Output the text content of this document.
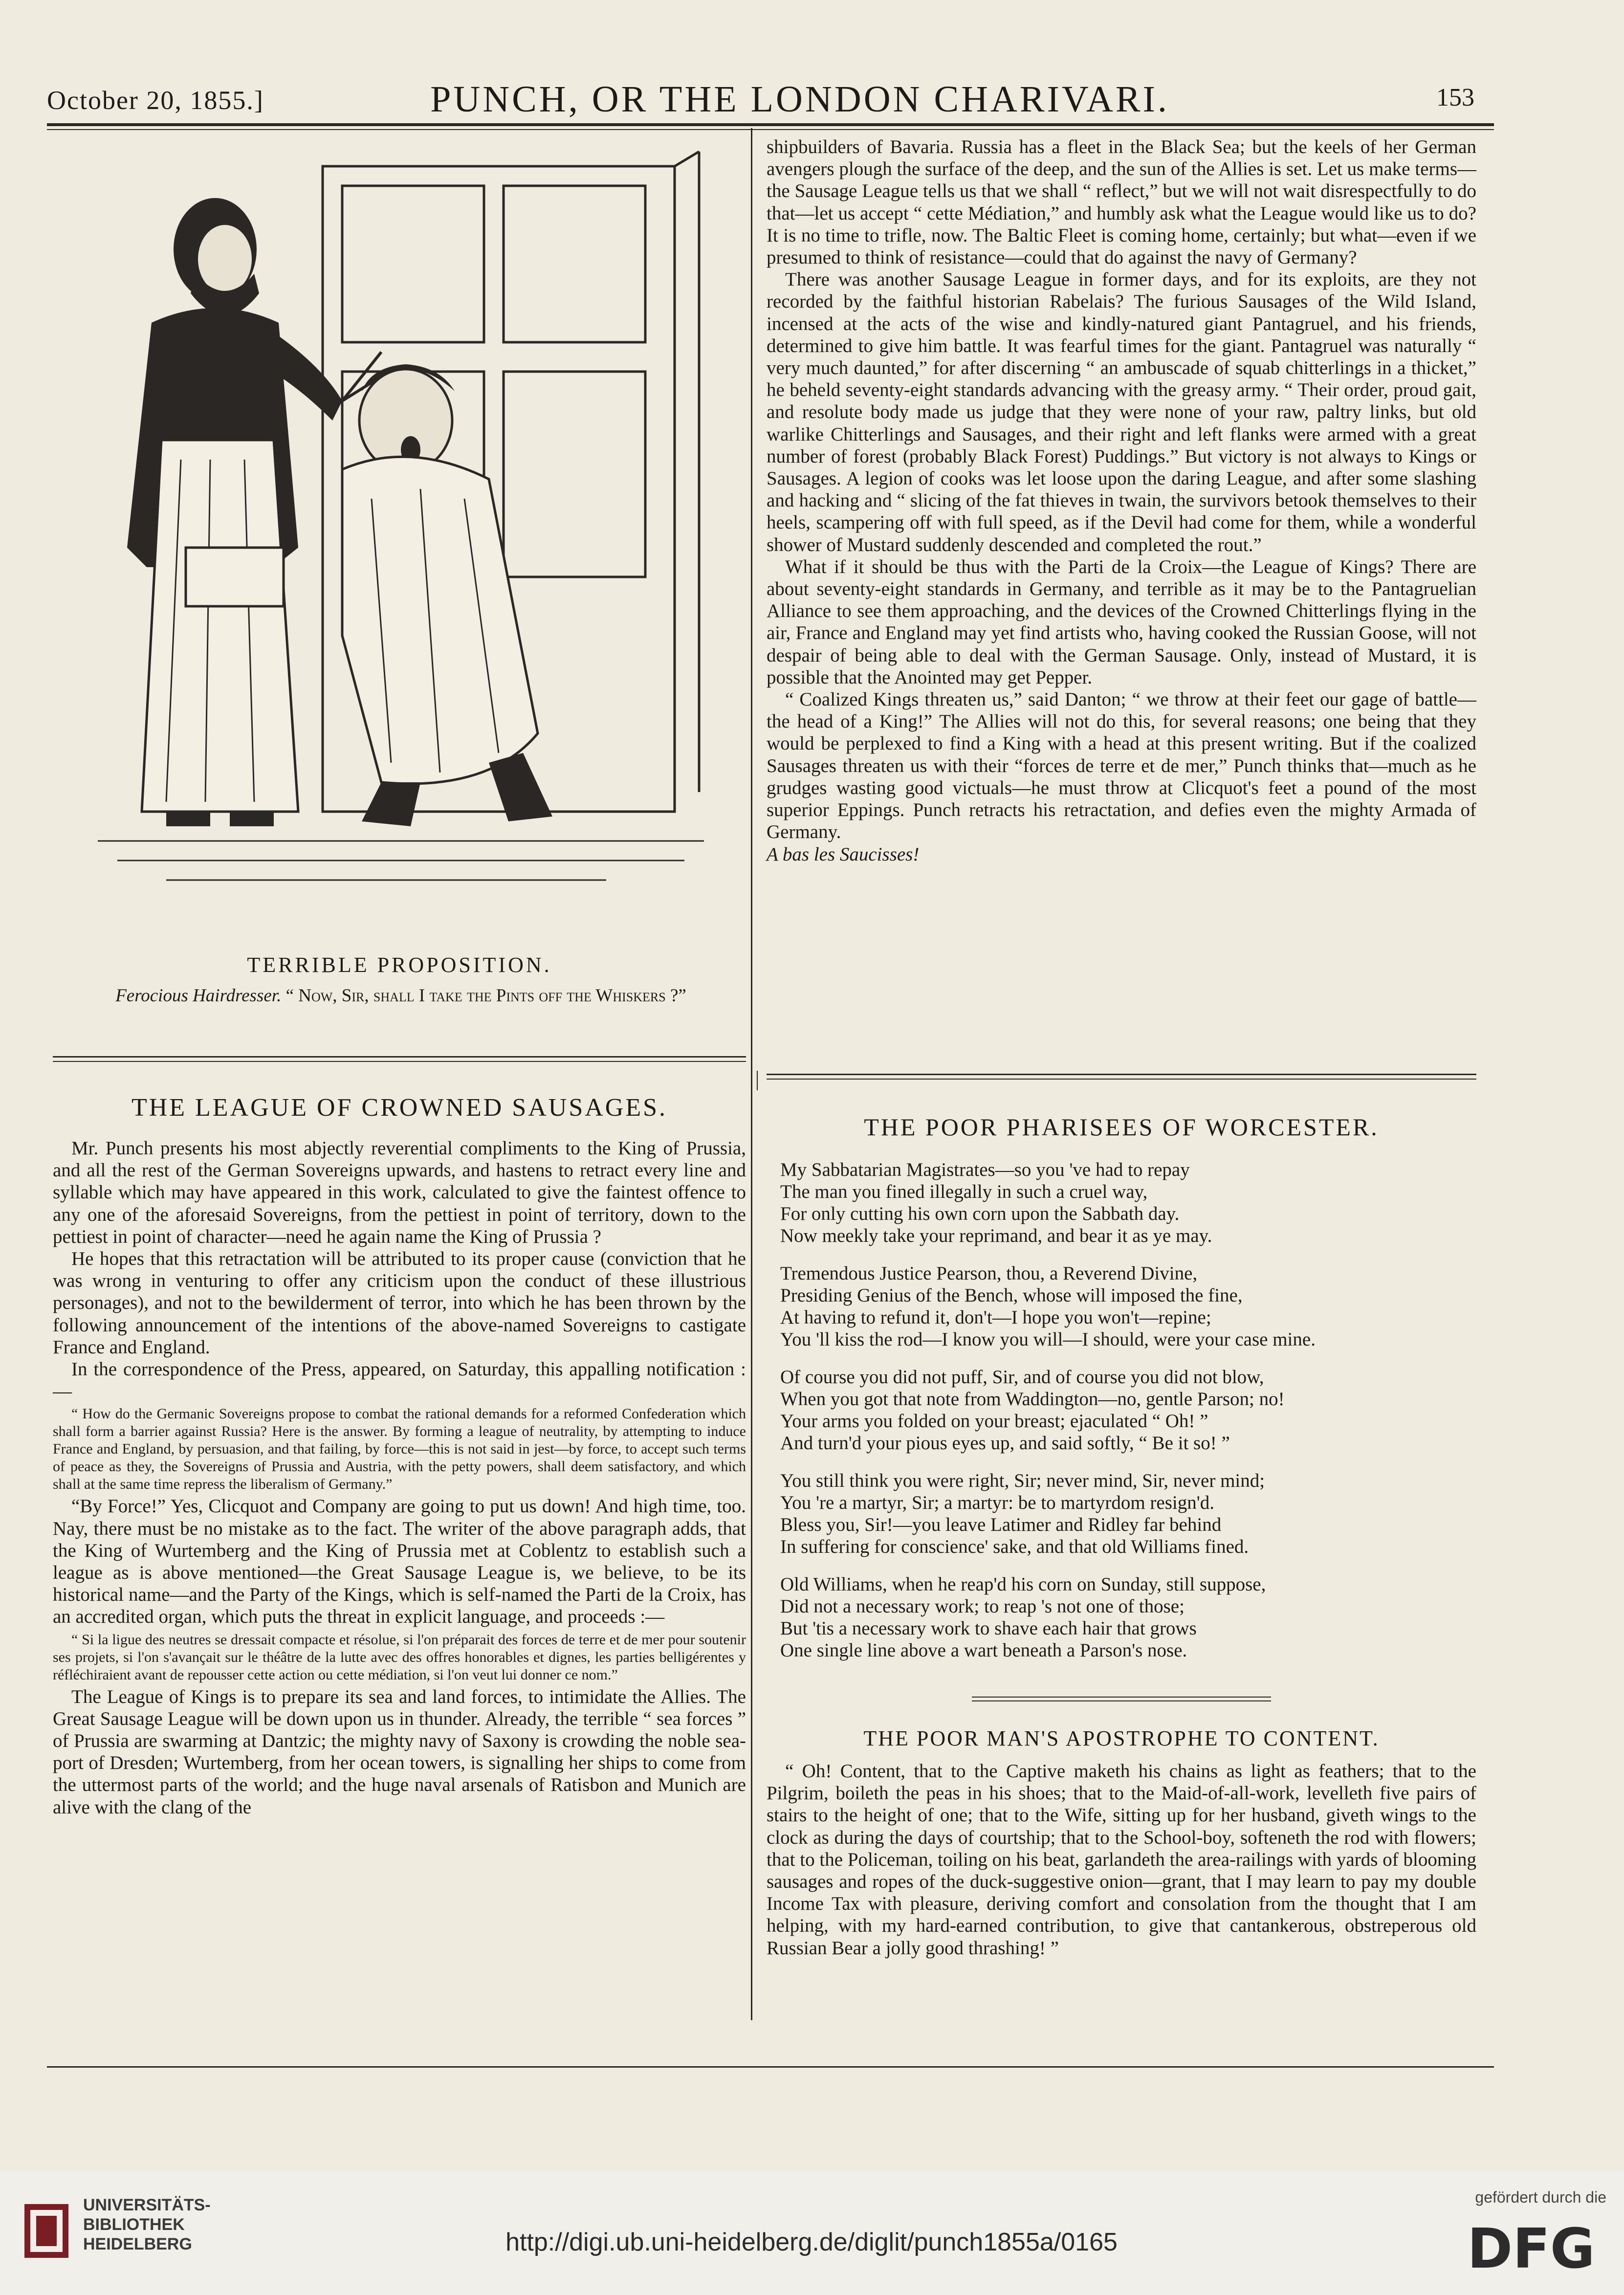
October 20, 1855.]	PUNCH, OR THE LONDON CHARIVARI.	153
TERRIBLE PROPOSITION.
Ferocious Hairdresser. “ Now, Sir, shall I take the Pints off the Whiskers ?”
THE LEAGUE OF CROWNED SAUSAGES.

Mr. Punch presents his most abjectly reverential compliments to the King of Prussia, and all the rest of the German Sovereigns upwards, and hastens to retract every line and syllable which may have appeared in this work, calculated to give the faintest offence to any one of the aforesaid Sovereigns, from the pettiest in point of territory, down to the pettiest in point of character—need he again name the King of Prussia ?

He hopes that this retractation will be attributed to its proper cause (conviction that he was wrong in venturing to offer any criticism upon the conduct of these illustrious personages), and not to the bewilderment of terror, into which he has been thrown by the following announcement of the intentions of the above-named Sovereigns to castigate France and England.

In the correspondence of the Press, appeared, on Saturday, this appalling notification :—

“ How do the Germanic Sovereigns propose to combat the rational demands for a reformed Confederation which shall form a barrier against Russia? Here is the answer. By forming a league of neutrality, by attempting to induce France and England, by persuasion, and that failing, by force—this is not said in jest—by force, to accept such terms of peace as they, the Sovereigns of Prussia and Austria, with the petty powers, shall deem satisfactory, and which shall at the same time repress the liberalism of Germany.”

“By Force!” Yes, Clicquot and Company are going to put us down! And high time, too. Nay, there must be no mistake as to the fact. The writer of the above paragraph adds, that the King of Wurtemberg and the King of Prussia met at Coblentz to establish such a league as is above mentioned—the Great Sausage League is, we believe, to be its historical name—and the Party of the Kings, which is self-named the Parti de la Croix, has an accredited organ, which puts the threat in explicit language, and proceeds :—

“ Si la ligue des neutres se dressait compacte et résolue, si l'on préparait des forces de terre et de mer pour soutenir ses projets, si l'on s'avançait sur le théâtre de la lutte avec des offres honorables et dignes, les parties belligérentes y réfléchiraient avant de repousser cette action ou cette médiation, si l'on veut lui donner ce nom.”

The League of Kings is to prepare its sea and land forces, to intimidate the Allies. The Great Sausage League will be down upon us in thunder. Already, the terrible “ sea forces ” of Prussia are swarming at Dantzic; the mighty navy of Saxony is crowding the noble sea-port of Dresden; Wurtemberg, from her ocean towers, is signalling her ships to come from the uttermost parts of the world; and the huge naval arsenals of Ratisbon and Munich are alive with the clang of the

shipbuilders of Bavaria. Russia has a fleet in the Black Sea; but the keels of her German avengers plough the surface of the deep, and the sun of the Allies is set. Let us make terms—the Sausage League tells us that we shall “ reflect,” but we will not wait disrespectfully to do that—let us accept “ cette Médiation,” and humbly ask what the League would like us to do? It is no time to trifle, now. The Baltic Fleet is coming home, certainly; but what—even if we presumed to think of resistance—could that do against the navy of Germany?

There was another Sausage League in former days, and for its exploits, are they not recorded by the faithful historian Rabelais? The furious Sausages of the Wild Island, incensed at the acts of the wise and kindly-natured giant Pantagruel, and his friends, determined to give him battle. It was fearful times for the giant. Pantagruel was naturally “ very much daunted,” for after discerning “ an ambuscade of squab chitterlings in a thicket,” he beheld seventy-eight standards advancing with the greasy army. “ Their order, proud gait, and resolute body made us judge that they were none of your raw, paltry links, but old warlike Chitterlings and Sausages, and their right and left flanks were armed with a great number of forest (probably Black Forest) Puddings.” But victory is not always to Kings or Sausages. A legion of cooks was let loose upon the daring League, and after some slashing and hacking and “ slicing of the fat thieves in twain, the survivors betook themselves to their heels, scampering off with full speed, as if the Devil had come for them, while a wonderful shower of Mustard suddenly descended and completed the rout.”

What if it should be thus with the Parti de la Croix—the League of Kings? There are about seventy-eight standards in Germany, and terrible as it may be to the Pantagruelian Alliance to see them approaching, and the devices of the Crowned Chitterlings flying in the air, France and England may yet find artists who, having cooked the Russian Goose, will not despair of being able to deal with the German Sausage. Only, instead of Mustard, it is possible that the Anointed may get Pepper.

“ Coalized Kings threaten us,” said Danton; “ we throw at their feet our gage of battle—the head of a King!” The Allies will not do this, for several reasons; one being that they would be perplexed to find a King with a head at this present writing. But if the coalized Sausages threaten us with their “forces de terre et de mer,” Punch thinks that—much as he grudges wasting good victuals—he must throw at Clicquot's feet a pound of the most superior Eppings. Punch retracts his retractation, and defies even the mighty Armada of Germany.

A bas les Saucisses!

THE POOR PHARISEES OF WORCESTER.
My Sabbatarian Magistrates—so you 've had to repay
The man you fined illegally in such a cruel way,
For only cutting his own corn upon the Sabbath day.
Now meekly take your reprimand, and bear it as ye may.
Tremendous Justice Pearson, thou, a Reverend Divine,
Presiding Genius of the Bench, whose will imposed the fine,
At having to refund it, don't—I hope you won't—repine;
You 'll kiss the rod—I know you will—I should, were your case mine.
Of course you did not puff, Sir, and of course you did not blow,
When you got that note from Waddington—no, gentle Parson; no!
Your arms you folded on your breast; ejaculated “ Oh! ”
And turn'd your pious eyes up, and said softly, “ Be it so! ”
You still think you were right, Sir; never mind, Sir, never mind;
You 're a martyr, Sir; a martyr: be to martyrdom resign'd.
Bless you, Sir!—you leave Latimer and Ridley far behind
In suffering for conscience' sake, and that old Williams fined.
Old Williams, when he reap'd his corn on Sunday, still suppose,
Did not a necessary work; to reap 's not one of those;
But 'tis a necessary work to shave each hair that grows
One single line above a wart beneath a Parson's nose.
THE POOR MAN'S APOSTROPHE TO CONTENT.

“ Oh! Content, that to the Captive maketh his chains as light as feathers; that to the Pilgrim, boileth the peas in his shoes; that to the Maid-of-all-work, levelleth five pairs of stairs to the height of one; that to the Wife, sitting up for her husband, giveth wings to the clock as during the days of courtship; that to the School-boy, softeneth the rod with flowers; that to the Policeman, toiling on his beat, garlandeth the area-railings with yards of blooming sausages and ropes of the duck-suggestive onion—grant, that I may learn to pay my double Income Tax with pleasure, deriving comfort and consolation from the thought that I am helping, with my hard-earned contribution, to give that cantankerous, obstreperous old Russian Bear a jolly good thrashing! ”

UNIVERSITÄTS-
BIBLIOTHEK
HEIDELBERG	http://digi.ub.uni-heidelberg.de/diglit/punch1855a/0165
gefördert durch die
DFG
